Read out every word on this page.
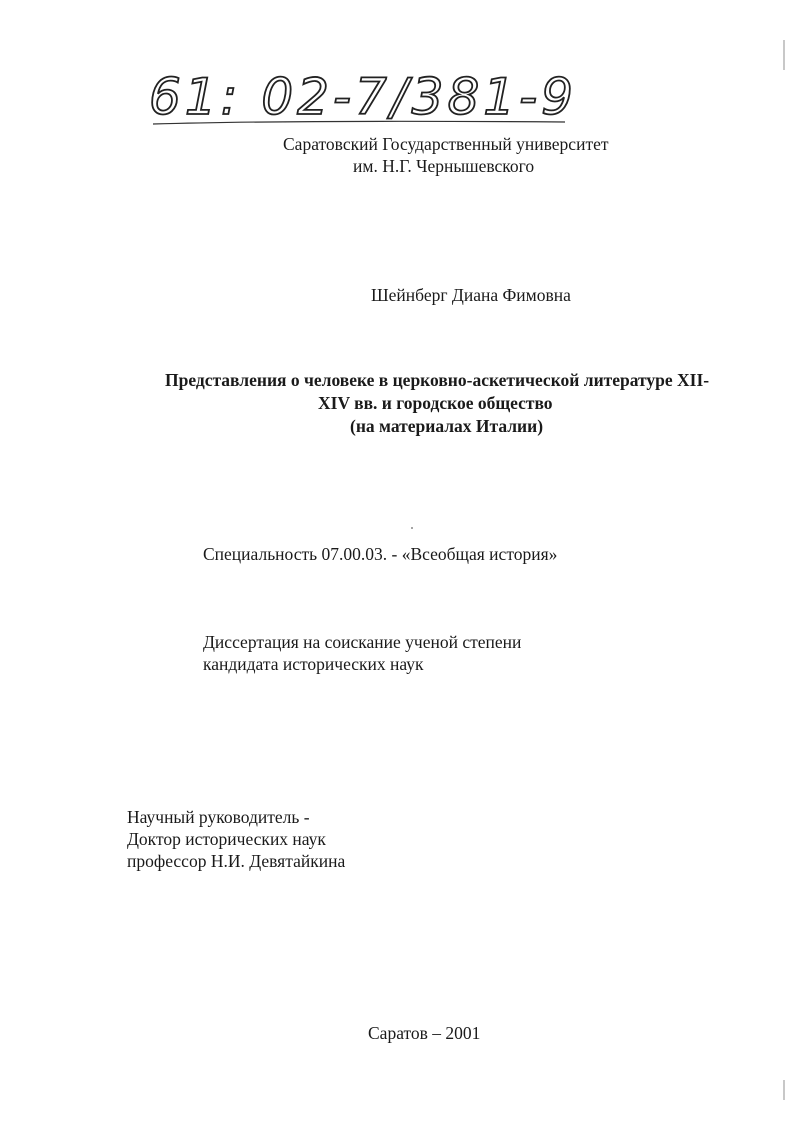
61: 02-7/381-9
Саратовский Государственный университет
им. Н.Г. Чернышевского
Шейнберг Диана Фимовна
Представления о человеке в церковно-аскетической литературе XII-
XIV вв. и городское общество
(на материалах Италии)
Специальность 07.00.03. - «Всеобщая история»
Диссертация на соискание ученой степени
кандидата исторических наук
Научный руководитель -
Доктор исторических наук
профессор Н.И. Девятайкина
Саратов – 2001
